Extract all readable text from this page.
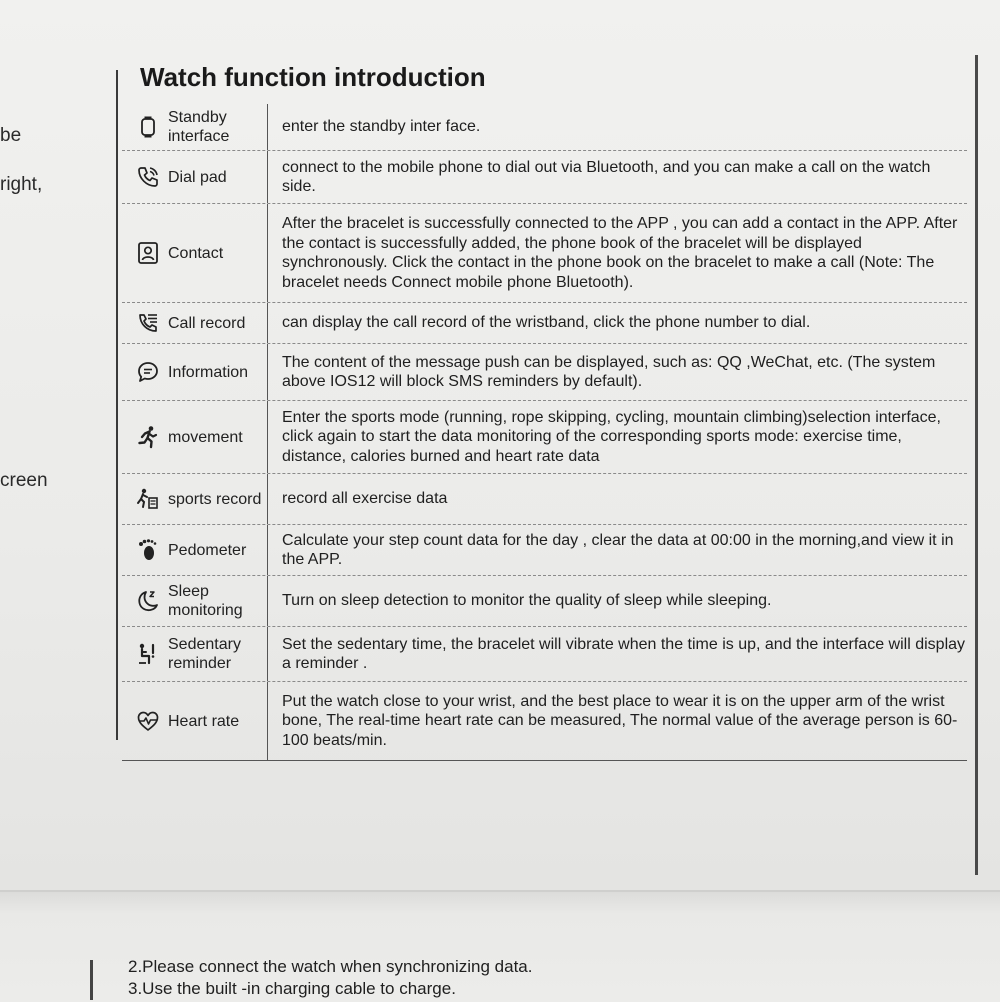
be
right,
creen
Watch function introduction
Standby interface
enter the standby inter face.
Dial pad
connect to the mobile phone to dial out via Bluetooth, and you can make a call on the watch side.
Contact
After the bracelet is successfully connected to the APP , you can add a contact in the APP. After the contact is successfully added, the phone book of the bracelet will be displayed synchronously. Click the contact in the phone book on the bracelet to make a call (Note: The bracelet needs Connect mobile phone Bluetooth).
Call record	can display the call record of the wristband, click the phone number to dial.
Information
The content of the message push can be displayed, such as: QQ ,WeChat, etc. (The system above IOS12 will block SMS reminders by default).
movement
Enter the sports mode (running, rope skipping, cycling, mountain climbing)selection interface, click again to start the data monitoring of the corresponding sports mode: exercise time, distance, calories burned and heart rate data
sports record	record all exercise data
Pedometer
Calculate your step count data for the day , clear the data at 00:00 in the morning,and view it in the APP.
Sleep monitoring
Turn on sleep detection to monitor the quality of sleep while sleeping.
Sedentary reminder
Set the sedentary time, the bracelet will vibrate when the time is up, and the interface will display a reminder .
Heart rate
Put the watch close to your wrist, and the best place to wear it is on the upper arm of the wrist bone, The real-time heart rate can be measured, The normal value of the average person is 60-100 beats/min.
2.Please connect the watch when synchronizing data.
3.Use the built -in charging cable to charge.
